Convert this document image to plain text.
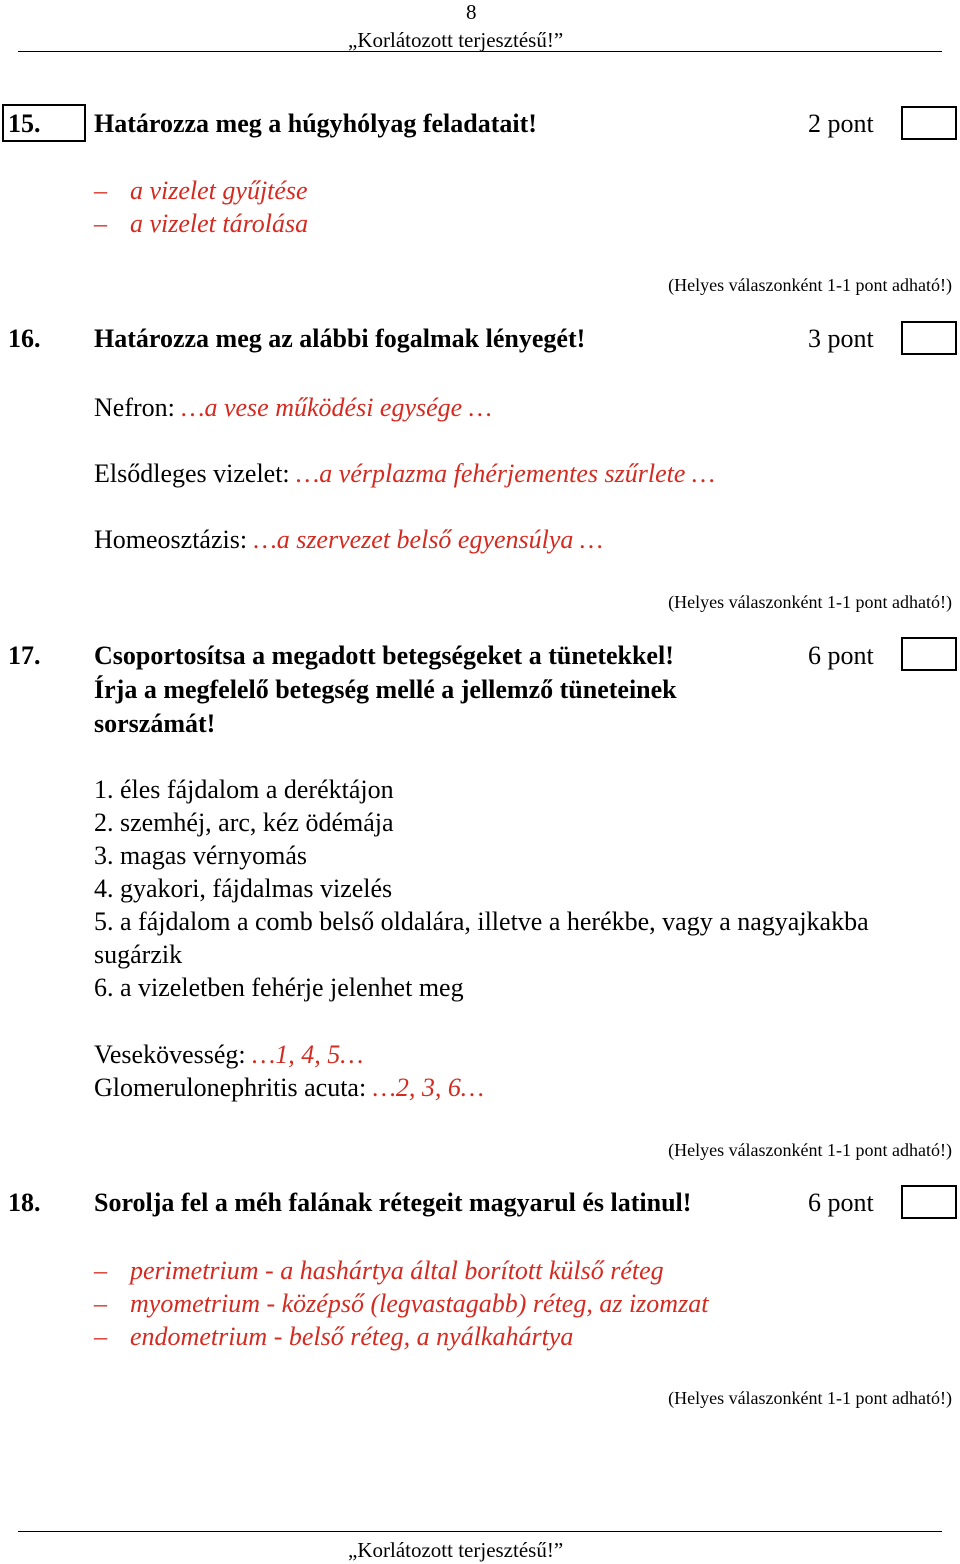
8
„Korlátozott terjesztésű!”
15. Határozza meg a húgyhólyag feladatait!	2 pont
– a vizelet gyűjtése
– a vizelet tárolása
(Helyes válaszonként 1-1 pont adható!)
16. Határozza meg az alábbi fogalmak lényegét!	3 pont
Nefron: …a vese működési egysége …
Elsődleges vizelet: …a vérplazma fehérjementes szűrlete …
Homeosztázis: …a szervezet belső egyensúlya …
(Helyes válaszonként 1-1 pont adható!)
17. Csoportosítsa a megadott betegségeket a tünetekkel!
Írja a megfelelő betegség mellé a jellemző tüneteinek
sorszámát!
6 pont
1. éles fájdalom a deréktájon
2. szemhéj, arc, kéz ödémája
3. magas vérnyomás
4. gyakori, fájdalmas vizelés
5. a fájdalom a comb belső oldalára, illetve a herékbe, vagy a nagyajkakba
sugárzik
6. a vizeletben fehérje jelenhet meg
Vesekövesség: …1, 4, 5…
Glomerulonephritis acuta: …2, 3, 6…
(Helyes válaszonként 1-1 pont adható!)
18. Sorolja fel a méh falának rétegeit magyarul és latinul!	6 pont
– perimetrium - a hashártya által borított külső réteg
– myometrium - középső (legvastagabb) réteg, az izomzat
– endometrium - belső réteg, a nyálkahártya
(Helyes válaszonként 1-1 pont adható!)
„Korlátozott terjesztésű!”
